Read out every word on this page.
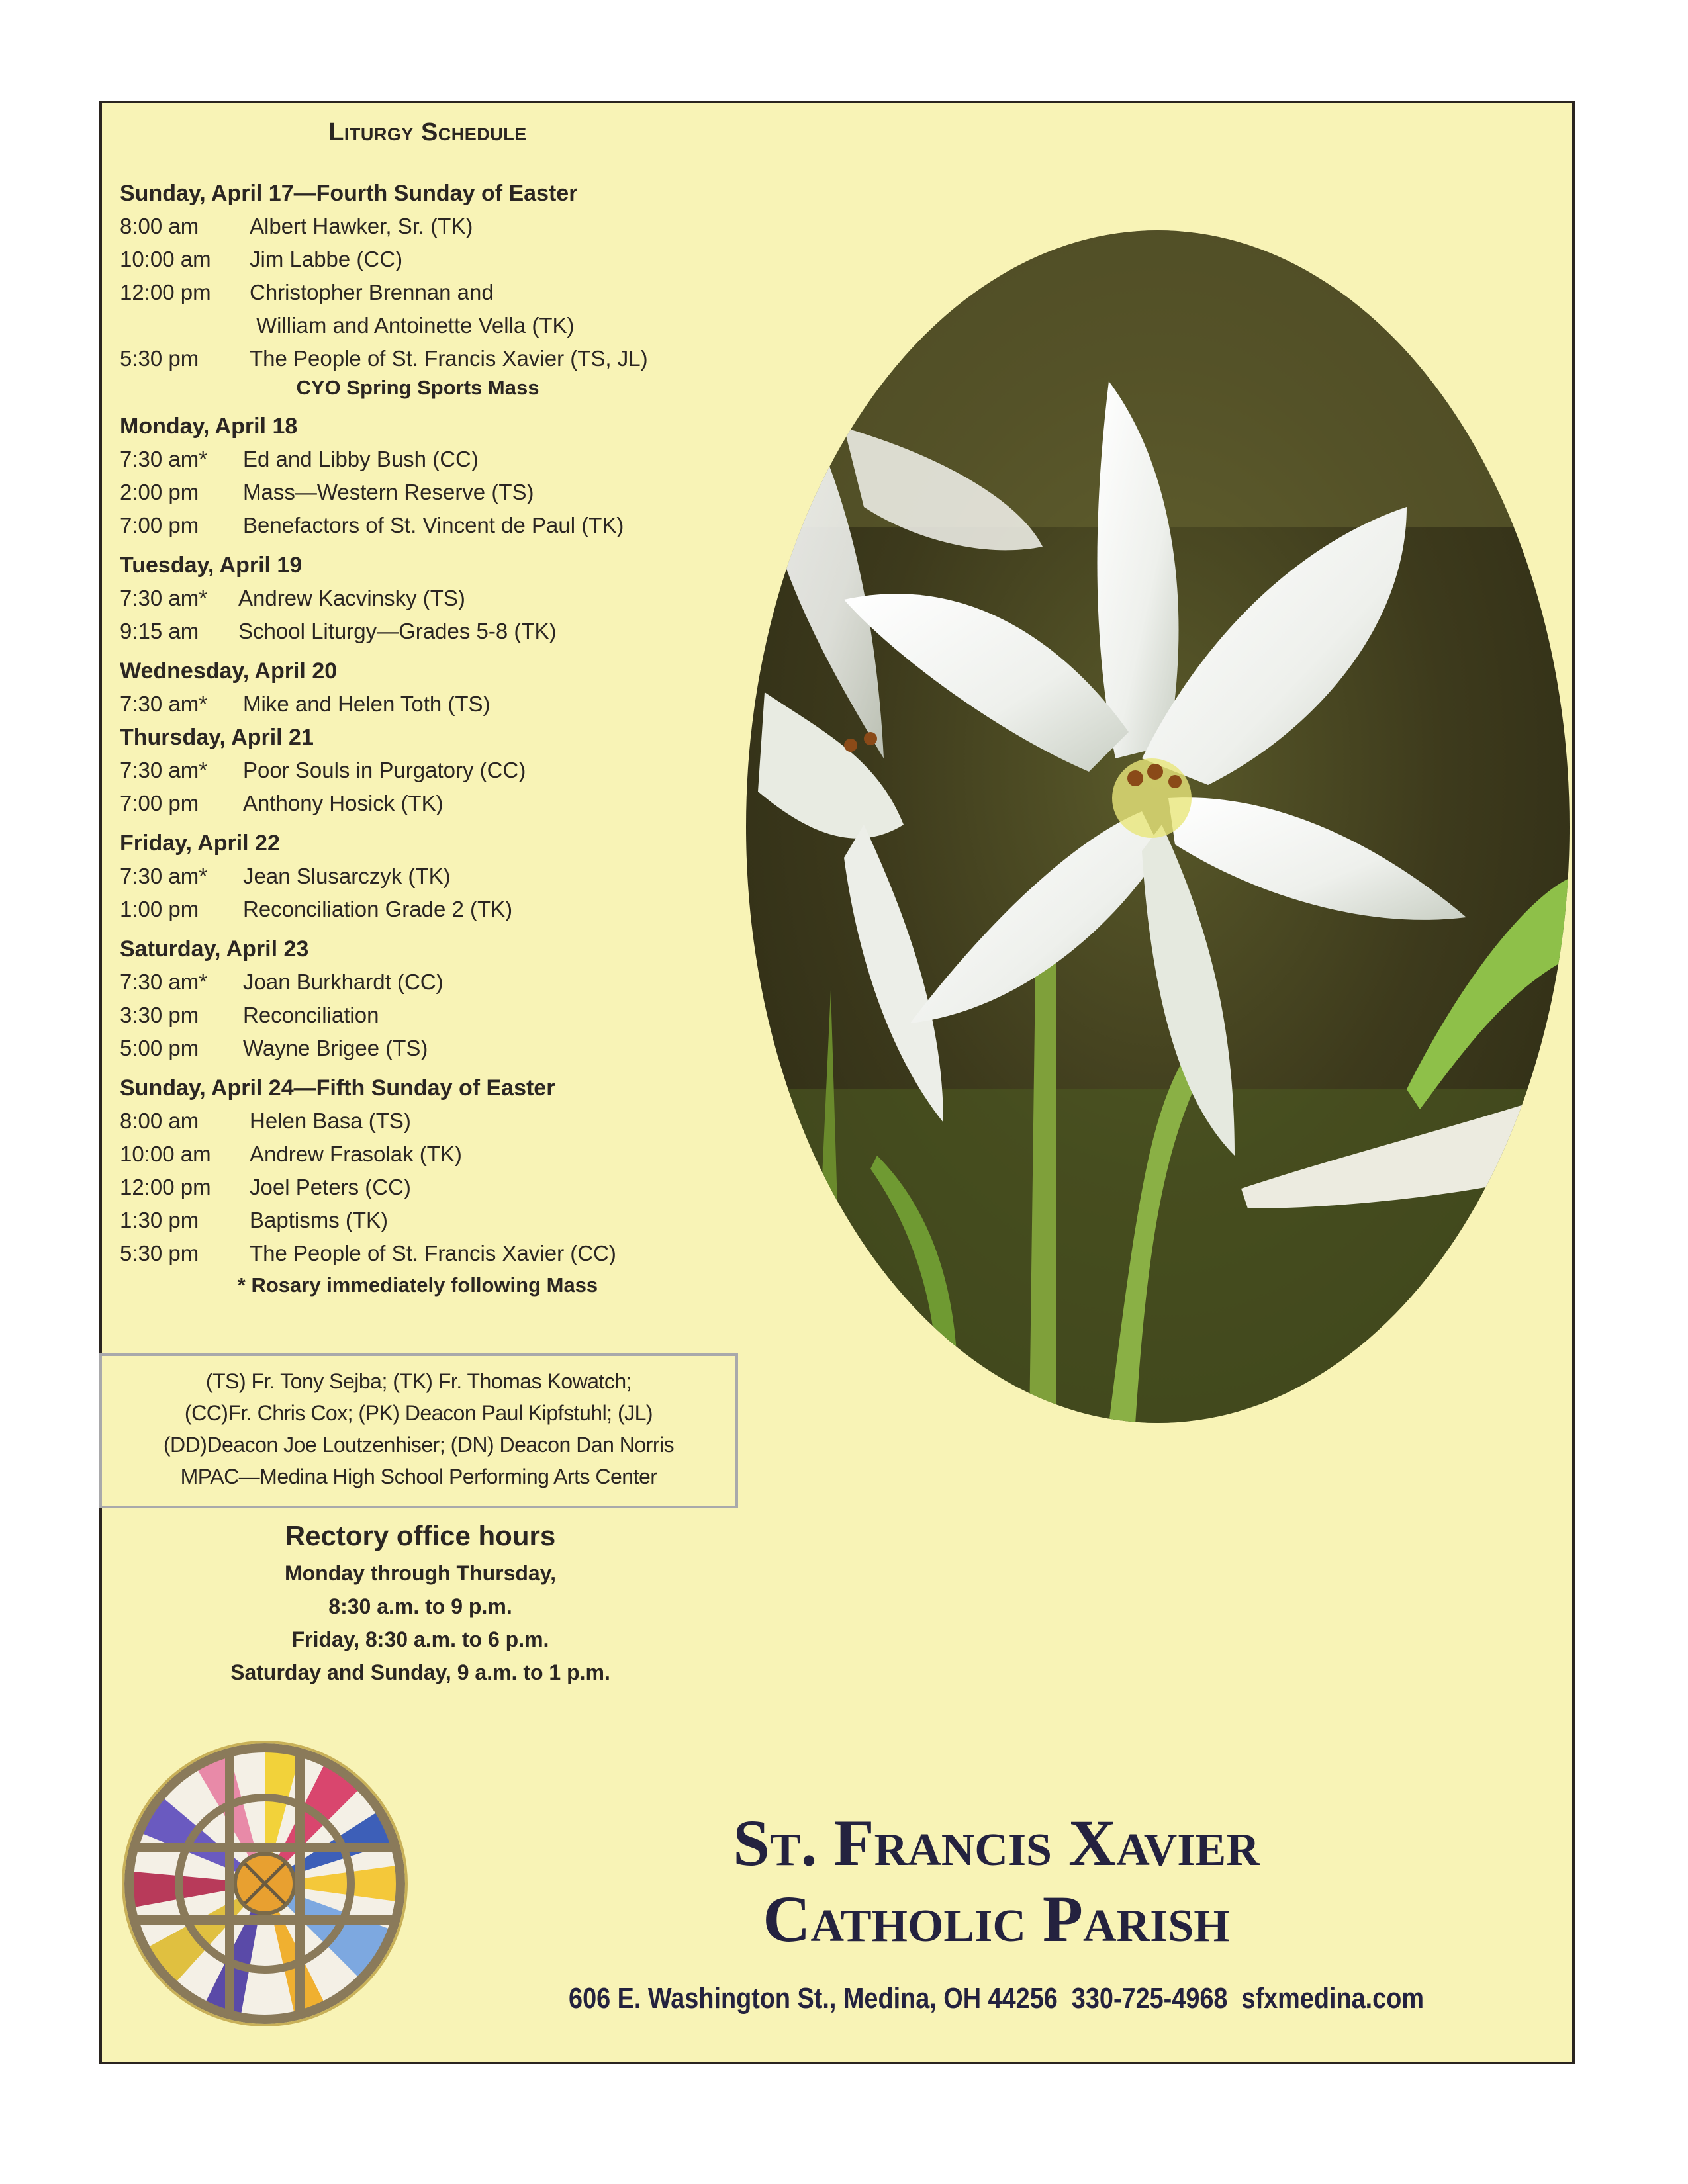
Liturgy Schedule
Sunday, April 17—Fourth Sunday of Easter
8:00 am	Albert Hawker, Sr. (TK)
10:00 am	Jim Labbe (CC)
12:00 pm	Christopher Brennan and
William and Antoinette Vella (TK)
5:30 pm	The People of St. Francis Xavier (TS, JL)
CYO Spring Sports Mass
Monday, April 18
7:30 am*	Ed and Libby Bush (CC)
2:00 pm	Mass—Western Reserve (TS)
7:00 pm	Benefactors of St. Vincent de Paul (TK)
Tuesday, April 19
7:30 am*	Andrew Kacvinsky (TS)
9:15 am	School Liturgy—Grades 5-8 (TK)
Wednesday, April 20
7:30 am*	Mike and Helen Toth (TS)
Thursday, April 21
7:30 am*	Poor Souls in Purgatory (CC)
7:00 pm	Anthony Hosick (TK)
Friday, April 22
7:30 am*	Jean Slusarczyk (TK)
1:00 pm	Reconciliation Grade 2 (TK)
Saturday, April 23
7:30 am*	Joan Burkhardt (CC)
3:30 pm	Reconciliation
5:00 pm	Wayne Brigee (TS)
Sunday, April 24—Fifth Sunday of Easter
8:00 am	Helen Basa (TS)
10:00 am	Andrew Frasolak (TK)
12:00 pm	Joel Peters (CC)
1:30 pm	Baptisms (TK)
5:30 pm	The People of St. Francis Xavier (CC)
* Rosary immediately following Mass
(TS) Fr. Tony Sejba; (TK) Fr. Thomas Kowatch;
(CC)Fr. Chris Cox; (PK) Deacon Paul Kipfstuhl; (JL)
(DD)Deacon Joe Loutzenhiser; (DN) Deacon Dan Norris
MPAC—Medina High School Performing Arts Center
Rectory office hours
Monday through Thursday,
8:30 a.m. to 9 p.m.
Friday, 8:30 a.m. to 6 p.m.
Saturday and Sunday, 9 a.m. to 1 p.m.
St. Francis Xavier
Catholic Parish
606 E. Washington St., Medina, OH 44256  330-725-4968  sfxmedina.com
